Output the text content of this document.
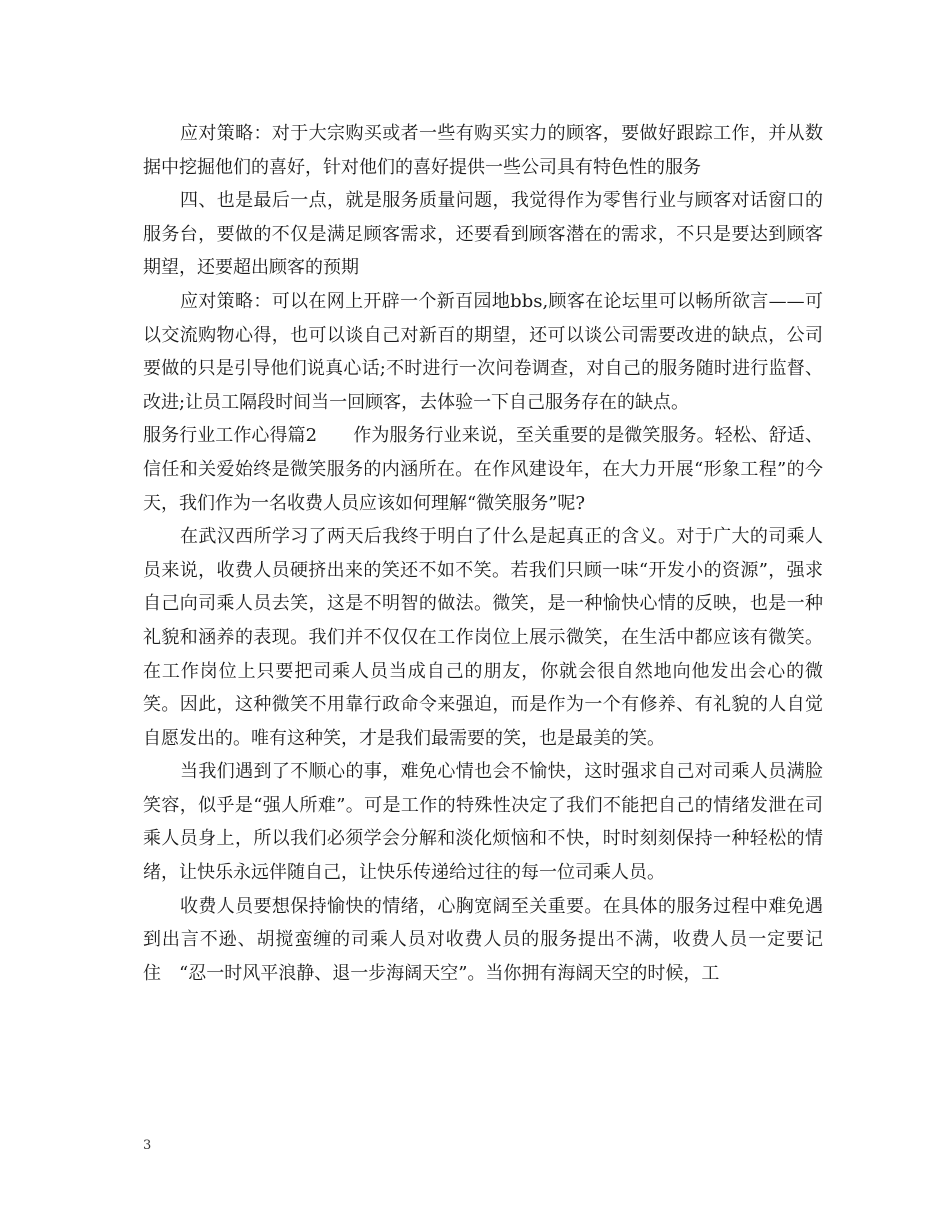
应对策略：对于大宗购买或者一些有购买实力的顾客，要做好跟踪工作，并从数据中挖掘他们的喜好，针对他们的喜好提供一些公司具有特色性的服务

四、也是最后一点，就是服务质量问题，我觉得作为零售行业与顾客对话窗口的服务台，要做的不仅是满足顾客需求，还要看到顾客潜在的需求，不只是要达到顾客期望，还要超出顾客的预期

应对策略：可以在网上开辟一个新百园地bbs,顾客在论坛里可以畅所欲言——可以交流购物心得，也可以谈自己对新百的期望，还可以谈公司需要改进的缺点，公司要做的只是引导他们说真心话;不时进行一次问卷调查，对自己的服务随时进行监督、改进;让员工隔段时间当一回顾客，去体验一下自己服务存在的缺点。

服务行业工作心得篇2　　作为服务行业来说，至关重要的是微笑服务。轻松、舒适、信任和关爱始终是微笑服务的内涵所在。在作风建设年，在大力开展“形象工程”的今天，我们作为一名收费人员应该如何理解“微笑服务”呢?

在武汉西所学习了两天后我终于明白了什么是起真正的含义。对于广大的司乘人员来说，收费人员硬挤出来的笑还不如不笑。若我们只顾一味“开发小的资源”，强求自己向司乘人员去笑，这是不明智的做法。微笑，是一种愉快心情的反映，也是一种礼貌和涵养的表现。我们并不仅仅在工作岗位上展示微笑，在生活中都应该有微笑。在工作岗位上只要把司乘人员当成自己的朋友，你就会很自然地向他发出会心的微笑。因此，这种微笑不用靠行政命令来强迫，而是作为一个有修养、有礼貌的人自觉自愿发出的。唯有这种笑，才是我们最需要的笑，也是最美的笑。

当我们遇到了不顺心的事，难免心情也会不愉快，这时强求自己对司乘人员满脸笑容，似乎是“强人所难”。可是工作的特殊性决定了我们不能把自己的情绪发泄在司乘人员身上，所以我们必须学会分解和淡化烦恼和不快，时时刻刻保持一种轻松的情绪，让快乐永远伴随自己，让快乐传递给过往的每一位司乘人员。

收费人员要想保持愉快的情绪，心胸宽阔至关重要。在具体的服务过程中难免遇到出言不逊、胡搅蛮缠的司乘人员对收费人员的服务提出不满，收费人员一定要记住　“忍一时风平浪静、退一步海阔天空”。当你拥有海阔天空的时候，工

3
